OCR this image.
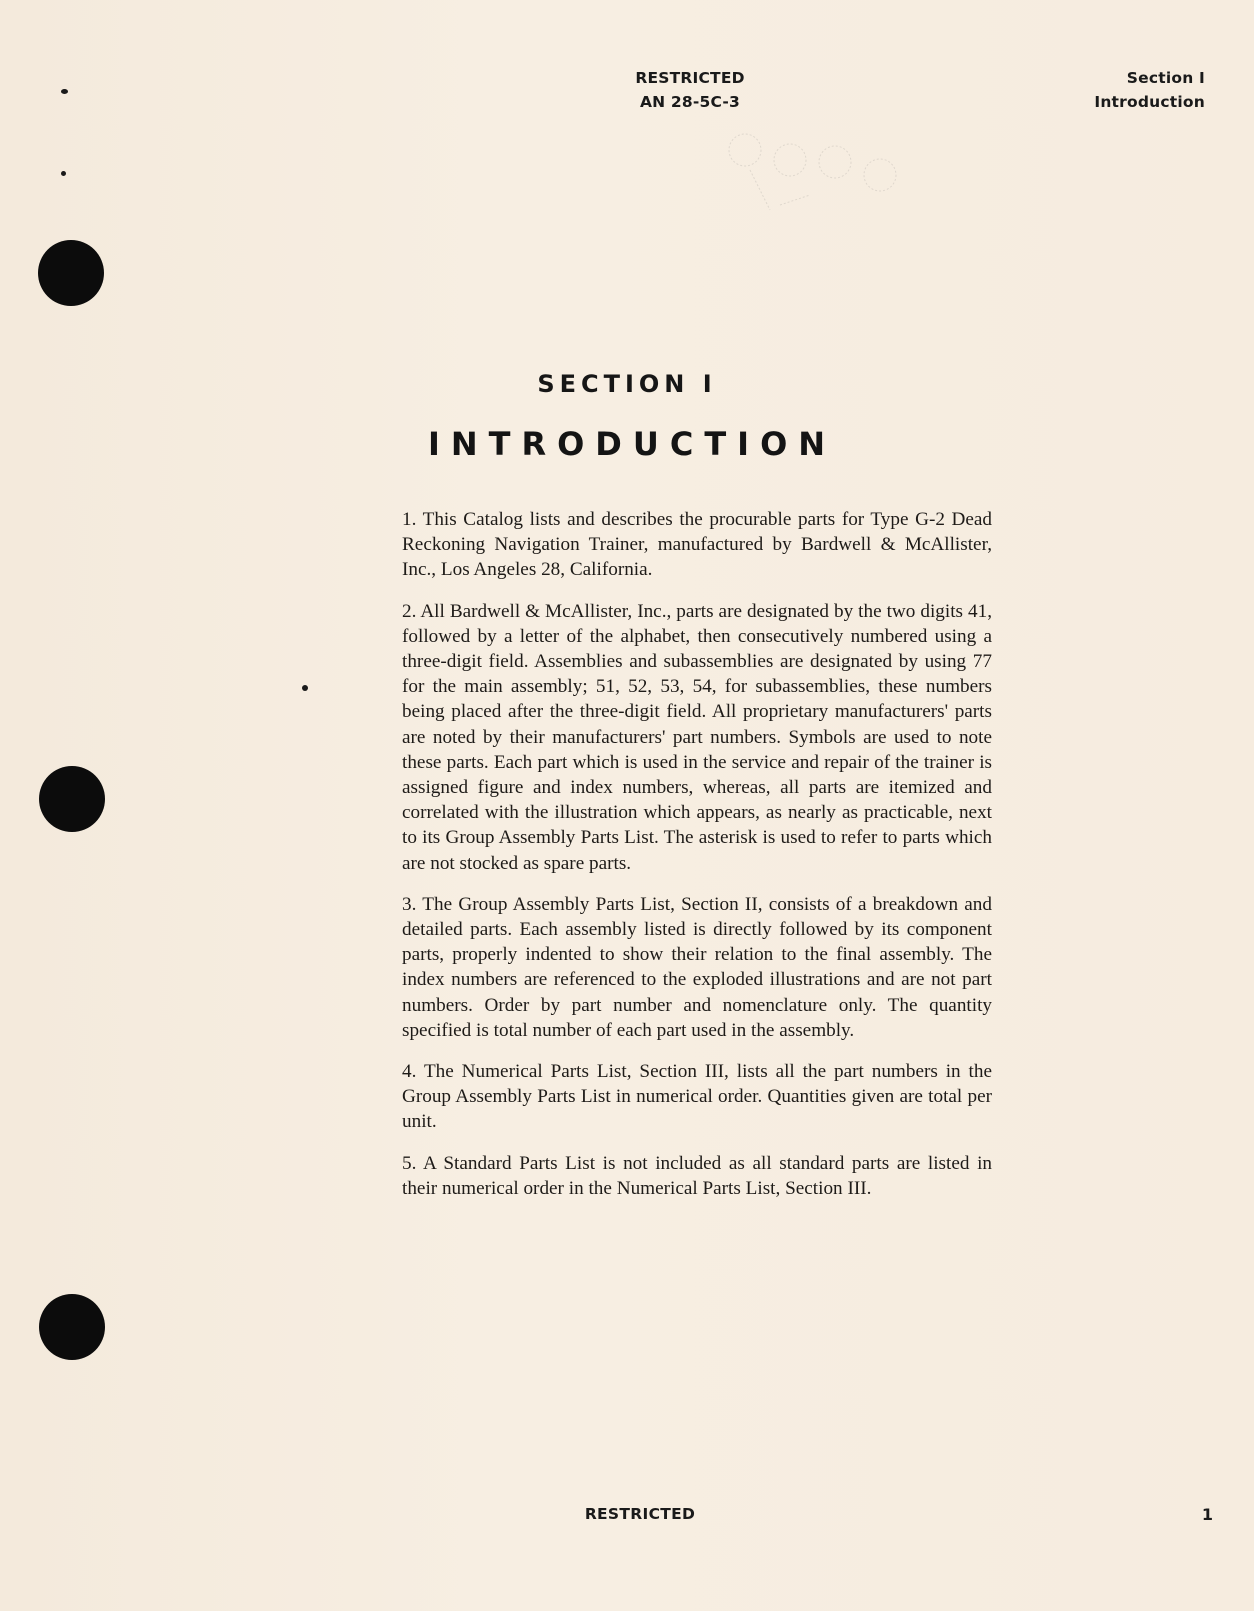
RESTRICTED
AN 28-5C-3
Section I
Introduction
SECTION I
INTRODUCTION

1. This Catalog lists and describes the procurable parts for Type G-2 Dead Reckoning Navigation Trainer, manufactured by Bardwell & McAllister, Inc., Los Angeles 28, California.

2. All Bardwell & McAllister, Inc., parts are designated by the two digits 41, followed by a letter of the alphabet, then consecutively numbered using a three-digit field. Assemblies and subassemblies are designated by using 77 for the main assembly; 51, 52, 53, 54, for subassemblies, these numbers being placed after the three-digit field. All proprietary manufacturers' parts are noted by their manufacturers' part numbers. Symbols are used to note these parts. Each part which is used in the service and repair of the trainer is assigned figure and index numbers, whereas, all parts are itemized and correlated with the illustration which appears, as nearly as practicable, next to its Group Assembly Parts List. The asterisk is used to refer to parts which are not stocked as spare parts.

3. The Group Assembly Parts List, Section II, consists of a breakdown and detailed parts. Each assembly listed is directly followed by its component parts, properly indented to show their relation to the final assembly. The index numbers are referenced to the exploded illustrations and are not part numbers. Order by part number and nomenclature only. The quantity specified is total number of each part used in the assembly.

4. The Numerical Parts List, Section III, lists all the part numbers in the Group Assembly Parts List in numerical order. Quantities given are total per unit.

5. A Standard Parts List is not included as all standard parts are listed in their numerical order in the Numerical Parts List, Section III.

RESTRICTED	1
